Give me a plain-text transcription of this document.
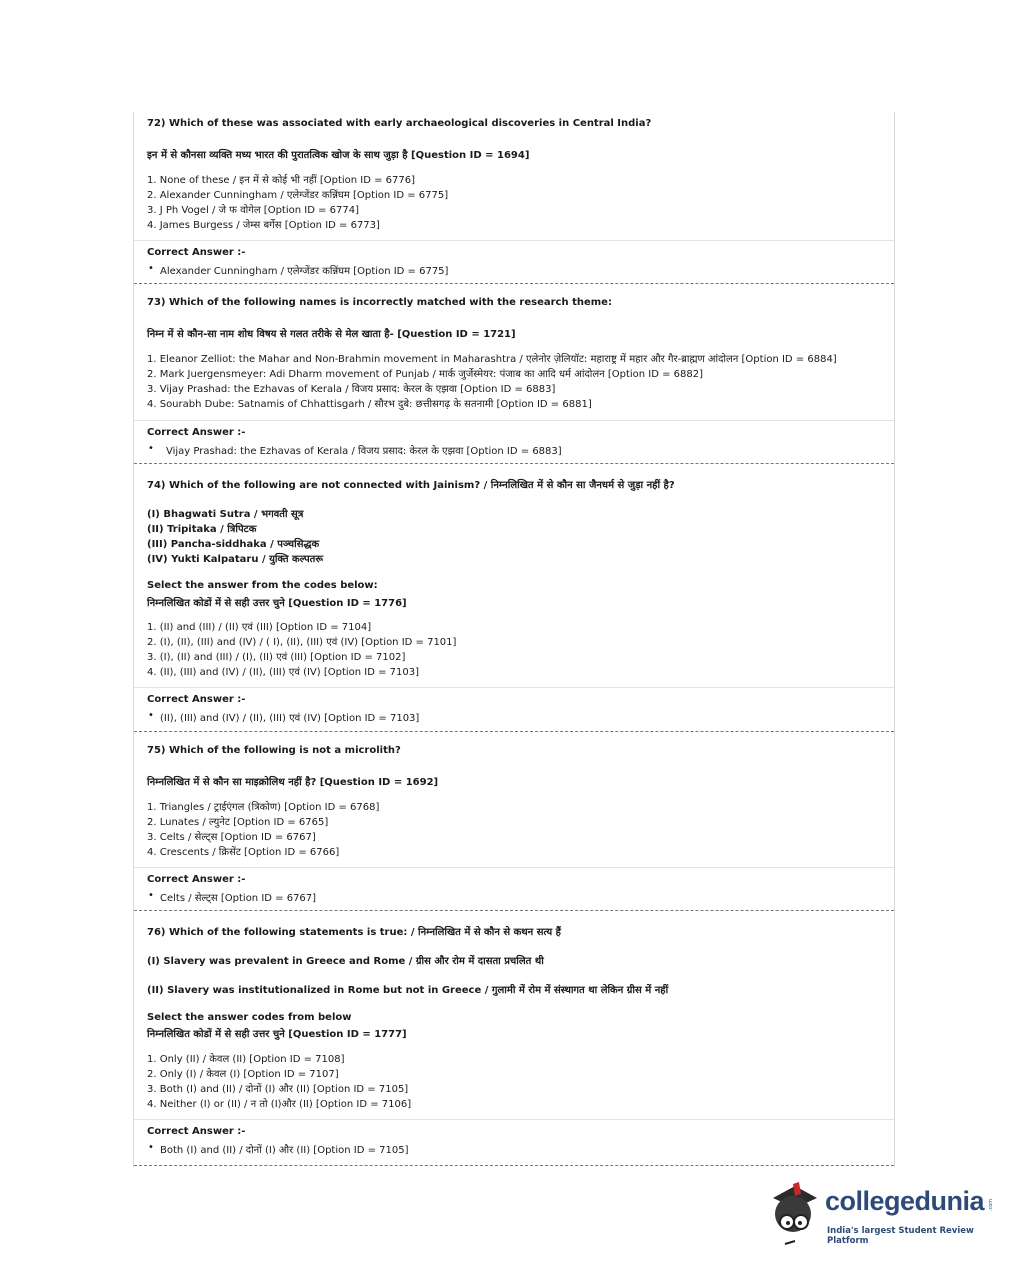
72) Which of these was associated with early archaeological discoveries in Central India?
इन में से कौनसा व्यक्ति मध्य भारत की पुरातत्विक खोज के साथ जुड़ा है [Question ID = 1694]
1. None of these / इन में से कोई भी नहीं [Option ID = 6776]
2. Alexander Cunningham / एलेग्जेंडर कन्निंघम [Option ID = 6775]
3. J Ph Vogel / जे फ वोगेल [Option ID = 6774]
4. James Burgess / जेम्स बर्गेस [Option ID = 6773]
Correct Answer :-
• Alexander Cunningham / एलेग्जेंडर कन्निंघम [Option ID = 6775]
73) Which of the following names is incorrectly matched with the research theme:
निम्न में से कौन-सा नाम शोध विषय से गलत तरीके से मेल खाता है- [Question ID = 1721]
1. Eleanor Zelliot: the Mahar and Non-Brahmin movement in Maharashtra / एलेनोर ज़ेलियॉट: महाराष्ट्र में महार और गैर-ब्राह्मण आंदोलन [Option ID = 6884]
2. Mark Juergensmeyer: Adi Dharm movement of Punjab / मार्क जुर्जेस्मेयर: पंजाब का आदि धर्म आंदोलन [Option ID = 6882]
3. Vijay Prashad: the Ezhavas of Kerala / विजय प्रसाद: केरल के एझवा [Option ID = 6883]
4. Sourabh Dube: Satnamis of Chhattisgarh / सौरभ दुबे: छत्तीसगढ़ के सतनामी [Option ID = 6881]
Correct Answer :-
• Vijay Prashad: the Ezhavas of Kerala / विजय प्रसाद: केरल के एझवा [Option ID = 6883]
74) Which of the following are not connected with Jainism? / निम्नलिखित में से कौन सा जैनधर्म से जुड़ा नहीं है?
(I) Bhagwati Sutra / भगवती सूत्र
(II) Tripitaka / त्रिपिटक
(III) Pancha-siddhaka / पञ्चसिद्धक
(IV) Yukti Kalpataru / युक्ति कल्पतरू
Select the answer from the codes below:
निम्नलिखित कोडों में से सही उत्तर चुने [Question ID = 1776]
1. (II) and (III) / (II) एवं (III) [Option ID = 7104]
2. (I), (II), (III) and (IV) / ( I), (II), (III) एवं (IV) [Option ID = 7101]
3. (I), (II) and (III) / (I), (II) एवं (III) [Option ID = 7102]
4. (II), (III) and (IV) / (II), (III) एवं (IV) [Option ID = 7103]
Correct Answer :-
• (II), (III) and (IV) / (II), (III) एवं (IV) [Option ID = 7103]
75) Which of the following is not a microlith?
निम्नलिखित में से कौन सा माइक्रोलिथ नहीं है? [Question ID = 1692]
1. Triangles / ट्राईएंगल (त्रिकोण) [Option ID = 6768]
2. Lunates / ल्युनेट [Option ID = 6765]
3. Celts / सेल्ट्स [Option ID = 6767]
4. Crescents / क्रिसेंट [Option ID = 6766]
Correct Answer :-
• Celts / सेल्ट्स [Option ID = 6767]
76) Which of the following statements is true: / निम्नलिखित में से कौन से कथन सत्य हैं
(I) Slavery was prevalent in Greece and Rome / ग्रीस और रोम में दासता प्रचलित थी
(II) Slavery was institutionalized in Rome but not in Greece / गुलामी में रोम में संस्थागत था लेकिन ग्रीस में नहीं
Select the answer codes from below
निम्नलिखित कोडों में से सही उत्तर चुने [Question ID = 1777]
1. Only (II) / केवल (II) [Option ID = 7108]
2. Only (I) / केवल (I) [Option ID = 7107]
3. Both (I) and (II) / दोनों (I) और (II) [Option ID = 7105]
4. Neither (I) or (II) / न तो (I)और (II) [Option ID = 7106]
Correct Answer :-
• Both (I) and (II) / दोनों (I) और (II) [Option ID = 7105]
collegedunia .com
India's largest Student Review Platform
